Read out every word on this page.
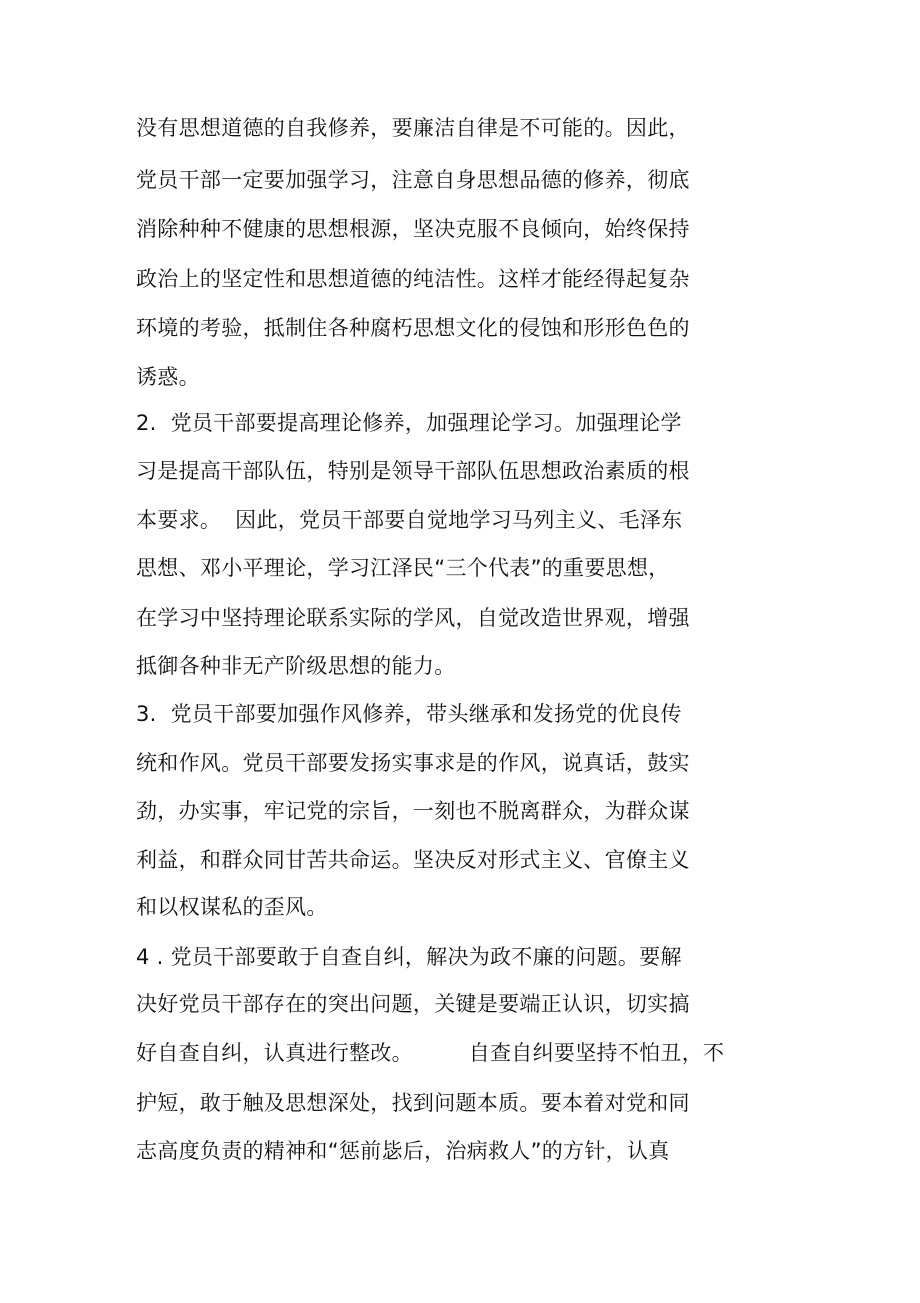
没有思想道德的自我修养，要廉洁自律是不可能的。因此，
党员干部一定要加强学习，注意自身思想品德的修养，彻底
消除种种不健康的思想根源，坚决克服不良倾向，始终保持
政治上的坚定性和思想道德的纯洁性。这样才能经得起复杂
环境的考验，抵制住各种腐朽思想文化的侵蚀和形形色色的
诱惑。
2.  党员干部要提高理论修养，加强理论学习。加强理论学
习是提高干部队伍，特别是领导干部队伍思想政治素质的根
本要求。  因此，党员干部要自觉地学习马列主义、毛泽东
思想、邓小平理论，学习江泽民“三个代表”的重要思想，
在学习中坚持理论联系实际的学风，自觉改造世界观，增强
抵御各种非无产阶级思想的能力。
3.  党员干部要加强作风修养，带头继承和发扬党的优良传
统和作风。党员干部要发扬实事求是的作风，说真话，鼓实
劲，办实事，牢记党的宗旨，一刻也不脱离群众，为群众谋
利益，和群众同甘苦共命运。坚决反对形式主义、官僚主义
和以权谋私的歪风。
4 . 党员干部要敢于自查自纠，解决为政不廉的问题。要解
决好党员干部存在的突出问题，关键是要端正认识，切实搞
好自查自纠，认真进行整改。        自查自纠要坚持不怕丑，不
护短，敢于触及思想深处，找到问题本质。要本着对党和同
志高度负责的精神和“惩前毖后，治病救人”的方针，认真
